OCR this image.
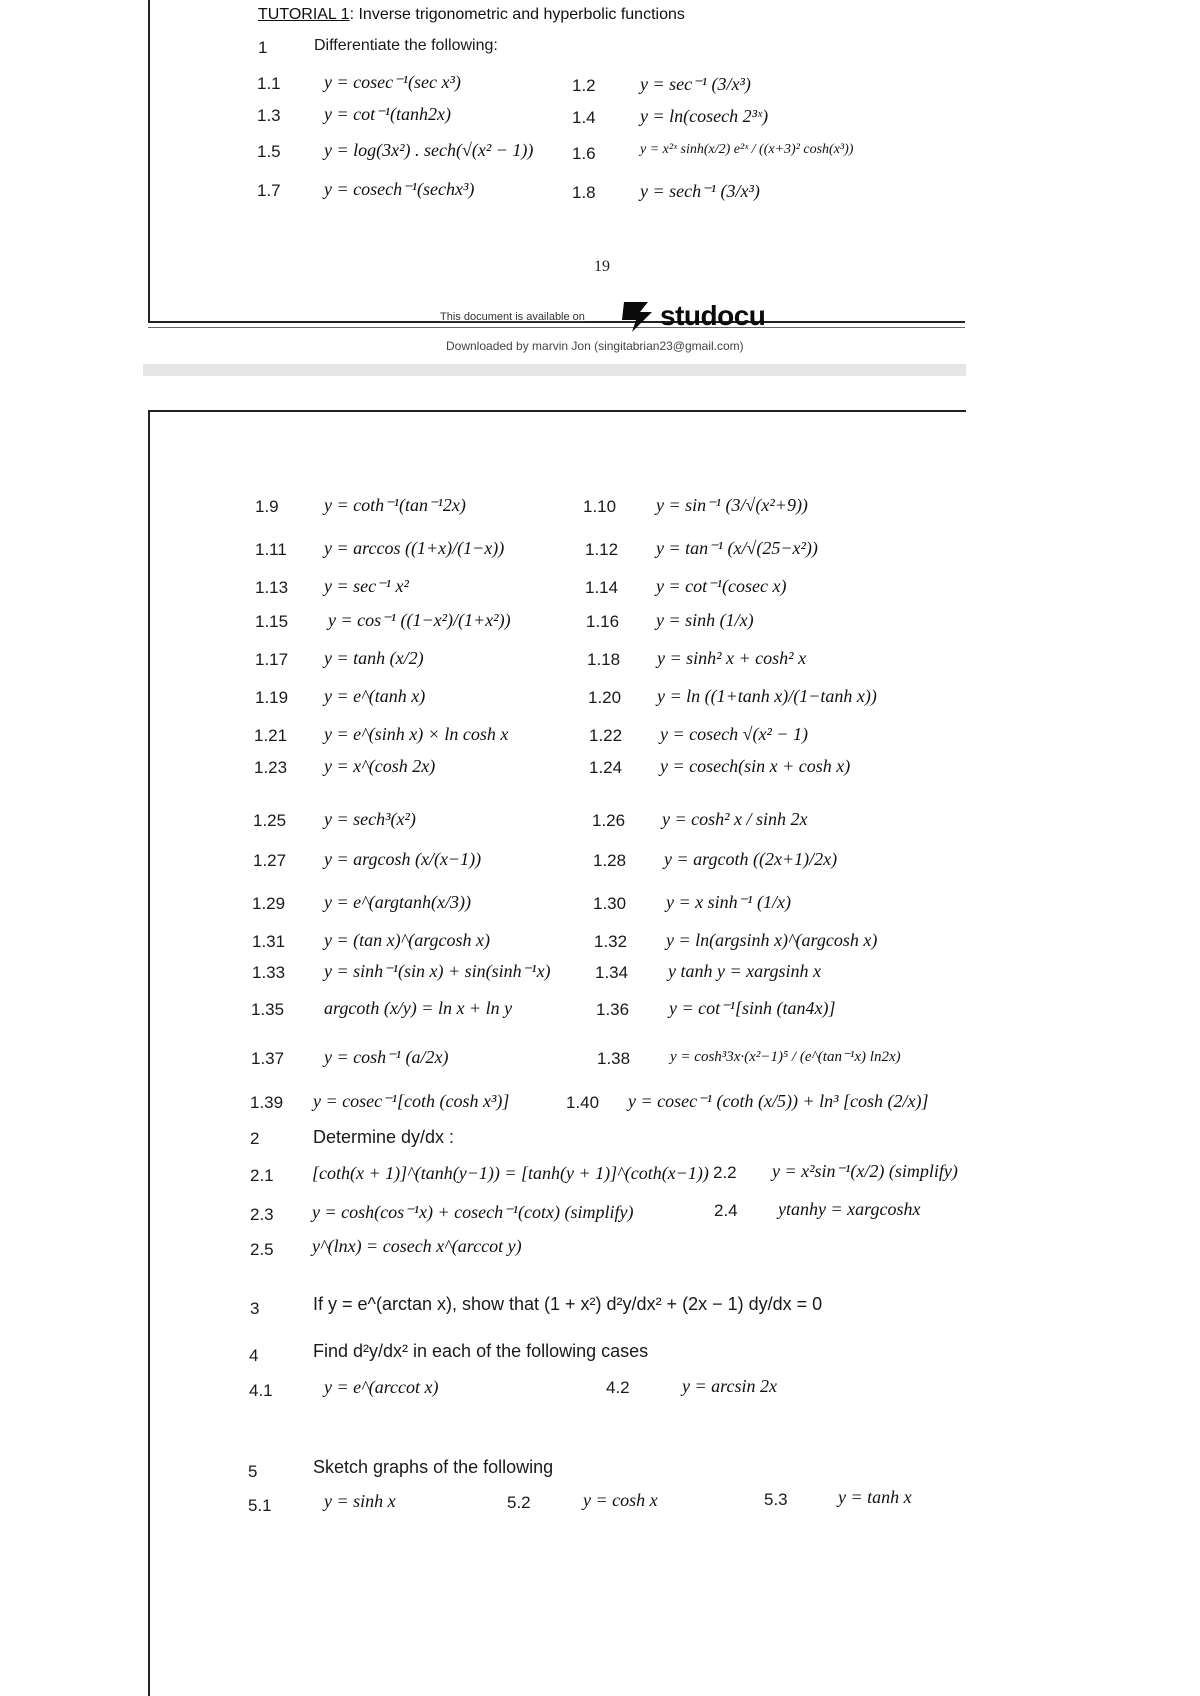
TUTORIAL 1: Inverse trigonometric and hyperbolic functions
1	Differentiate the following:
1.1 y = cosec⁻¹(sec x³)	1.2 y = sec⁻¹ (3/x³)
1.3 y = cot⁻¹(tanh2x)	1.4 y = ln(cosech 2³ˣ)
1.5 y = log(3x²) . sech(√(x² − 1)) 1.6	y = x²ˣ sinh(x/2) e²ˣ / ((x+3)² cosh(x³))
1.7 y = cosech⁻¹(sechx³)	1.8 y = sech⁻¹ (3/x³)
19
This document is available on	studocu
Downloaded by marvin Jon (singitabrian23@gmail.com)
1.9	y = coth⁻¹(tan⁻¹2x)	1.10 y = sin⁻¹ (3/√(x²+9))
1.11 y = arccos ((1+x)/(1−x))	1.12 y = tan⁻¹ (x/√(25−x²))
1.13 y = sec⁻¹ x²	1.14 y = cot⁻¹(cosec x)
1.15 y = cos⁻¹ ((1−x²)/(1+x²))	1.16 y = sinh (1/x)
1.17 y = tanh (x/2)	1.18 y = sinh² x + cosh² x
1.19 y = e^(tanh x)	1.20 y = ln ((1+tanh x)/(1−tanh x))
1.21 y = e^(sinh x) × ln cosh x	1.22 y = cosech √(x² − 1)
1.23 y = x^(cosh 2x)	1.24 y = cosech(sin x + cosh x)
1.25 y = sech³(x²)	1.26 y = cosh² x / sinh 2x
1.27 y = argcosh (x/(x−1))	1.28 y = argcoth ((2x+1)/2x)
1.29 y = e^(argtanh(x/3))	1.30 y = x sinh⁻¹ (1/x)
1.31 y = (tan x)^(argcosh x)	1.32 y = ln(argsinh x)^(argcosh x)
1.33 y = sinh⁻¹(sin x) + sin(sinh⁻¹x)	1.34 y tanh y = xargsinh x
1.35 argcoth (x/y) = ln x + ln y	1.36 y = cot⁻¹[sinh (tan4x)]
1.37 y = cosh⁻¹ (a/2x)	1.38	y = cosh³3x·(x²−1)⁵ / (e^(tan⁻¹x) ln2x)
1.39 y = cosec⁻¹[coth (cosh x³)]	1.40 y = cosec⁻¹ (coth (x/5)) + ln³ [cosh (2/x)]
2	Determine dy/dx :
2.1 [coth(x + 1)]^(tanh(y−1)) = [tanh(y + 1)]^(coth(x−1)) 2.2 y = x²sin⁻¹(x/2) (simplify)
2.3 y = cosh(cos⁻¹x) + cosech⁻¹(cotx) (simplify)	2.4 ytanhy = xargcoshx
2.5 y^(lnx) = cosech x^(arccot y)
3	If y = e^(arctan x), show that (1 + x²) d²y/dx² + (2x − 1) dy/dx = 0
4	Find d²y/dx² in each of the following cases
4.1	y = e^(arccot x)	4.2	y = arcsin 2x
5	Sketch graphs of the following
5.1	y = sinh x	5.2	y = cosh x	5.3	y = tanh x
